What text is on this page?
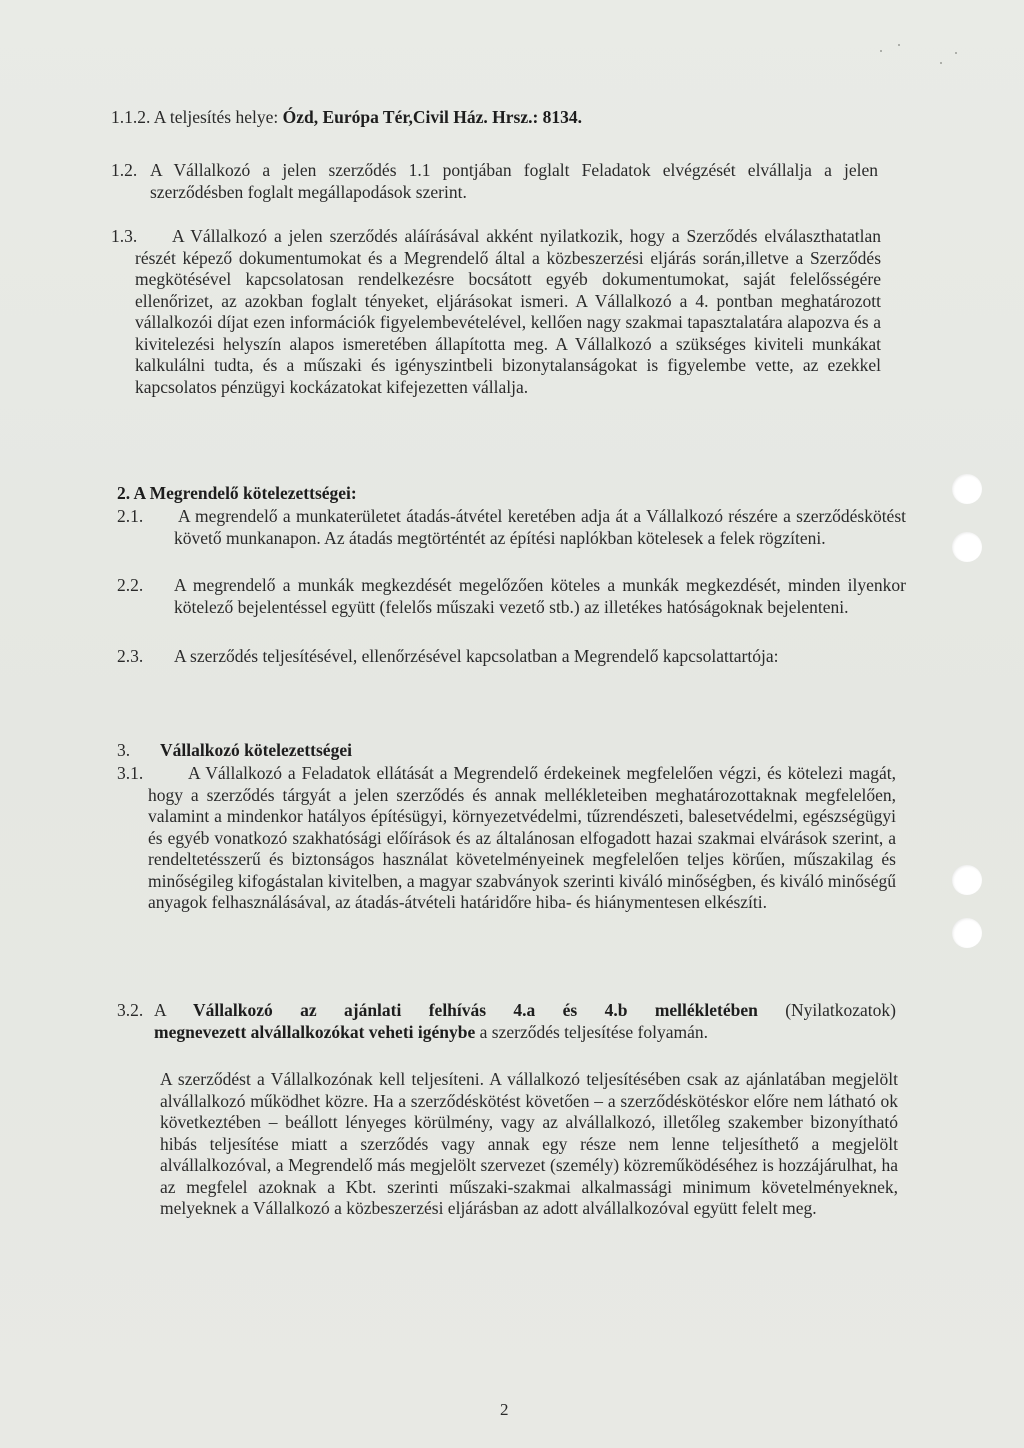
1.1.2. A teljesítés helye: Ózd, Európa Tér,Civil Ház. Hrsz.: 8134.
1.2. A Vállalkozó a jelen szerződés 1.1 pontjában foglalt Feladatok elvégzését elvállalja a jelen szerződésben foglalt megállapodások szerint.
1.3.	A Vállalkozó a jelen szerződés aláírásával akként nyilatkozik, hogy a Szerződés elválaszthatatlan részét képező dokumentumokat és a Megrendelő által a közbeszerzési eljárás során,illetve a Szerződés megkötésével kapcsolatosan rendelkezésre bocsátott egyéb dokumentumokat, saját felelősségére ellenőrizet, az azokban foglalt tényeket, eljárásokat ismeri. A Vállalkozó a 4. pontban meghatározott vállalkozói díjat ezen információk figyelembevételével, kellően nagy szakmai tapasztalatára alapozva és a kivitelezési helyszín alapos ismeretében állapította meg. A Vállalkozó a szükséges kiviteli munkákat kalkulálni tudta, és a műszaki és igényszintbeli bizonytalanságokat is figyelembe vette, az ezekkel kapcsolatos pénzügyi kockázatokat kifejezetten vállalja.
2. A Megrendelő kötelezettségei:
2.1. A megrendelő a munkaterületet átadás-átvétel keretében adja át a Vállalkozó részére a szerződéskötést követő munkanapon. Az átadás megtörténtét az építési naplókban kötelesek a felek rögzíteni.
2.2. A megrendelő a munkák megkezdését megelőzően köteles a munkák megkezdését, minden ilyenkor kötelező bejelentéssel együtt (felelős műszaki vezető stb.) az illetékes hatóságoknak bejelenteni.
2.3. A szerződés teljesítésével, ellenőrzésével kapcsolatban a Megrendelő kapcsolattartója:
3. Vállalkozó kötelezettségei
3.1.	A Vállalkozó a Feladatok ellátását a Megrendelő érdekeinek megfelelően végzi, és kötelezi magát, hogy a szerződés tárgyát a jelen szerződés és annak mellékleteiben meghatározottaknak megfelelően, valamint a mindenkor hatályos építésügyi, környezetvédelmi, tűzrendészeti, balesetvédelmi, egészségügyi és egyéb vonatkozó szakhatósági előírások és az általánosan elfogadott hazai szakmai elvárások szerint, a rendeltetésszerű és biztonságos használat követelményeinek megfelelően teljes körűen, műszakilag és minőségileg kifogástalan kivitelben, a magyar szabványok szerinti kiváló minőségben, és kiváló minőségű anyagok felhasználásával, az átadás-átvételi határidőre hiba- és hiánymentesen elkészíti.
3.2. A Vállalkozó az ajánlati felhívás 4.a és 4.b mellékletében (Nyilatkozatok)
megnevezett alvállalkozókat veheti igénybe a szerződés teljesítése folyamán.
A szerződést a Vállalkozónak kell teljesíteni. A vállalkozó teljesítésében csak az ajánlatában megjelölt alvállalkozó működhet közre. Ha a szerződéskötést követően – a szerződéskötéskor előre nem látható ok következtében – beállott lényeges körülmény, vagy az alvállalkozó, illetőleg szakember bizonyítható hibás teljesítése miatt a szerződés vagy annak egy része nem lenne teljesíthető a megjelölt alvállalkozóval, a Megrendelő más megjelölt szervezet (személy) közreműködéséhez is hozzájárulhat, ha az megfelel azoknak a Kbt. szerinti műszaki-szakmai alkalmassági minimum követelményeknek, melyeknek a Vállalkozó a közbeszerzési eljárásban az adott alvállalkozóval együtt felelt meg.
2
